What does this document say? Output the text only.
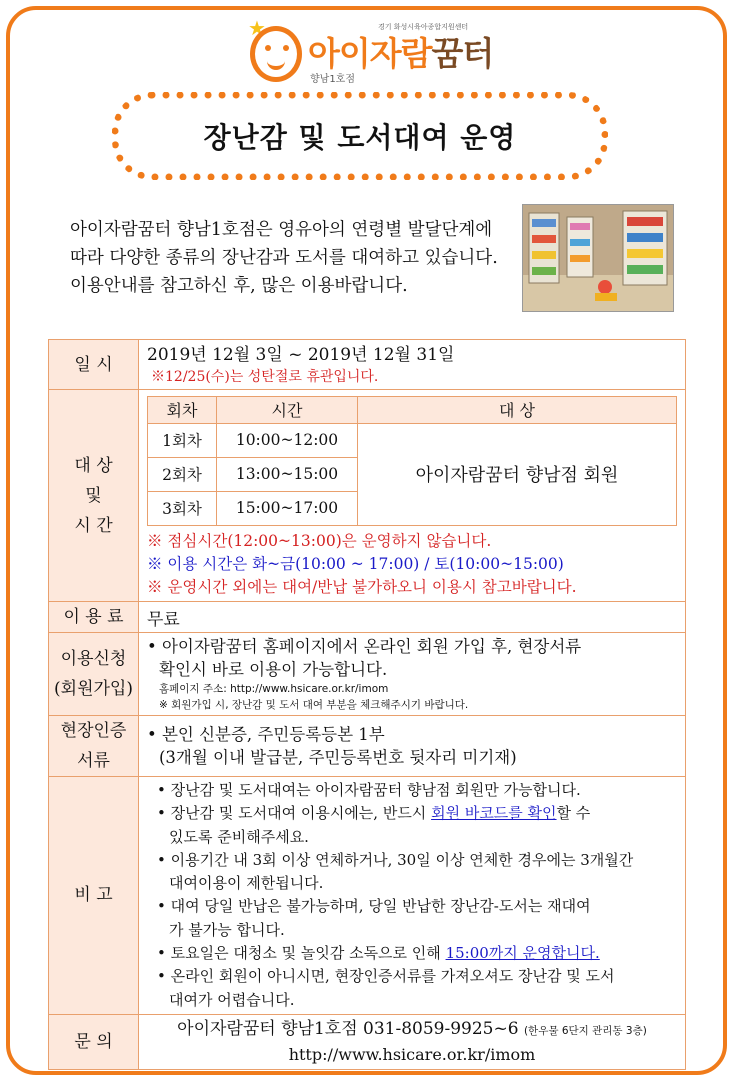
★	경기 화성시육아종합지원센터
아이자람꿈터
향남1호점
장난감 및 도서대여 운영
아이자람꿈터 향남1호점은 영유아의 연령별 발달단계에
따라 다양한 종류의 장난감과 도서를 대여하고 있습니다.
이용안내를 참고하신 후, 많은 이용바랍니다.
일 시	2019년 12월 3일 ~ 2019년 12월 31일
※12/25(수)는 성탄절로 휴관입니다.

대 상
및
시 간

회차	시간	대 상
1회차	10:00~12:00	아이자람꿈터 향남점 회원
2회차	13:00~15:00
3회차	15:00~17:00
※ 점심시간(12:00~13:00)은 운영하지 않습니다.
※ 이용 시간은 화~금(10:00 ~ 17:00) / 토(10:00~15:00)
※ 운영시간 외에는 대여/반납 불가하오니 이용시 참고바랍니다.

이 용 료	무료

이용신청
(회원가입)

• 아이자람꿈터 홈페이지에서 온라인 회원 가입 후, 현장서류
확인시 바로 이용이 가능합니다.
홈페이지 주소: http://www.hsicare.or.kr/imom
※ 회원가입 시, 장난감 및 도서 대여 부분을 체크해주시기 바랍니다.

현장인증
서류

• 본인 신분증, 주민등록등본 1부
(3개월 이내 발급분, 주민등록번호 뒷자리 미기재)

비 고	
• 장난감 및 도서대여는 아이자람꿈터 향남점 회원만 가능합니다.
• 장난감 및 도서대여 이용시에는, 반드시 회원 바코드를 확인할 수
있도록 준비해주세요.
• 이용기간 내 3회 이상 연체하거나, 30일 이상 연체한 경우에는 3개월간
대여이용이 제한됩니다.
• 대여 당일 반납은 불가능하며, 당일 반납한 장난감-도서는 재대여
가 불가능 합니다.
• 토요일은 대청소 및 놀잇감 소독으로 인해 15:00까지 운영합니다.
• 온라인 회원이 아니시면, 현장인증서류를 가져오셔도 장난감 및 도서
대여가 어렵습니다.

문 의	
아이자람꿈터 향남1호점 031-8059-9925~6 (한우물 6단지 관리동 3층)
http://www.hsicare.or.kr/imom
